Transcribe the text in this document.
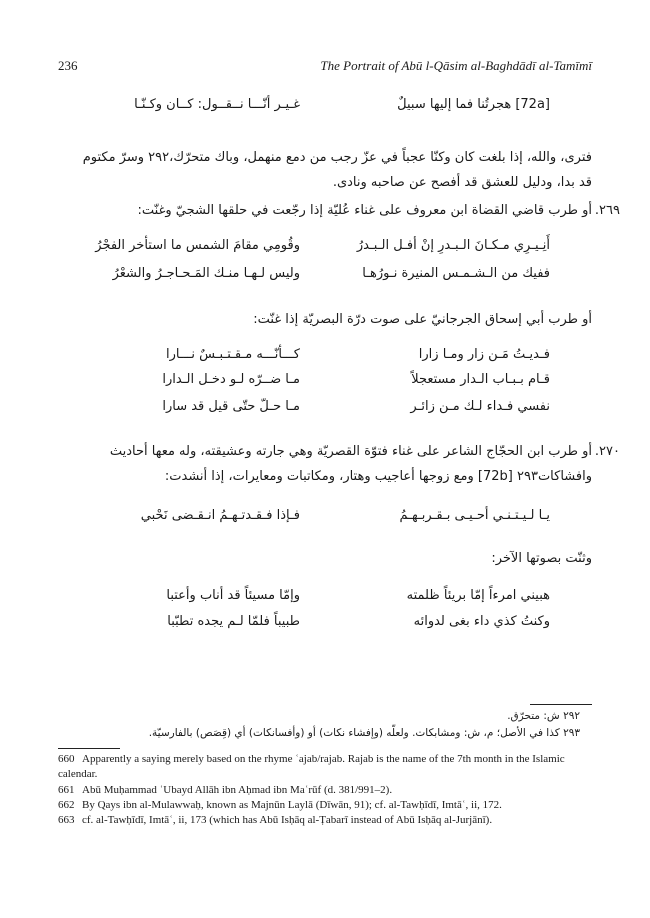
236	The Portrait of Abū l-Qāsim al-Baghdādī al-Tamīmī
[72a] هجرتُنا فما إليها سبيلٌ
غـيـر أنّـــا نــقــول: كــان وكـنّـا
فترى، والله، إذا بلغت كان وكنّا عجباً في عزّ رجب من دمع منهمل، وباك متحرّك،٢٩٢ وسرّ مكتوم
قد بدا، ودليل للعشق قد أفصح عن صاحبه ونادى.
٢٦٩.
أو طرب قاضي القضاة ابن معروف على غناء عُليّة إذا رجّعت في حلقها الشجيّ وغنّت:
أَنِـيـرِي مـكـانَ الـبـدرِ إنْ أفـل الـبـدرُ
وقُومِي مقامَ الشمس ما استأخر الفجْرُ
ففيك من الـشـمـس المنيرة نـورُهـا
وليس لـهـا منـك المَـحـاجـرُ والشعْرُ
أو طرب أبي إسحاق الجرجانيّ على صوت درّة البصريّة إذا غنّت:
فـديـتُ مَـن زار ومـا زارا
كـــأنّـــه مـقـتـبـسٌ نـــارا
قـام بـبـاب الـدار مستعجلاً
مـا ضــرّه لـو دخـل الـدارا
نفسي فـداء لـك مـن زائـر
مـا حـلّ حتّى قيل قد سارا
٢٧٠.
أو طرب ابن الحجّاج الشاعر على غناء فتوّة القصريّة وهي جارته وعشيقته، وله معها أحاديث
وافشاكات٢٩٣ [72b] ومع زوجها أعاجيب وهتار، ومكاتبات ومعايرات، إذا أنشدت:
يـا لـيـتـنـي أحـيـى بـقـربـهـمُ
فـإذا فـقـدتـهـمُ انـقـضى نَحْبي
وثنّت بصوتها الآخر:
هبيني امرءاً إمّا بريئاً ظلمته
وإمّا مسيئاً قد أناب وأعتبا
وكنتُ كذي داء بغى لدوائه
طبيباً فلمّا لـم يجده تطبّبا
٢٩٢ ش: متحرّق.
٢٩٣ كذا في الأصل؛ م، ش: ومشابكات. ولعلّه (وإفشاء نكات) أو (وأفسانكات) أي (قِصَص) بالفارسيّة.
660 Apparently a saying merely based on the rhyme ʿajab/rajab. Rajab is the name of the 7th month in the Islamic
calendar.
661 Abū Muḥammad ʿUbayd Allāh ibn Aḥmad ibn Maʿrūf (d. 381/991–2).
662 By Qays ibn al-Mulawwaḥ, known as Majnūn Laylā (Dīwān, 91); cf. al-Tawḥīdī, Imtāʿ, ii, 172.
663 cf. al-Tawḥīdī, Imtāʿ, ii, 173 (which has Abū Isḥāq al-Ṭabarī instead of Abū Isḥāq al-Jurjānī).
